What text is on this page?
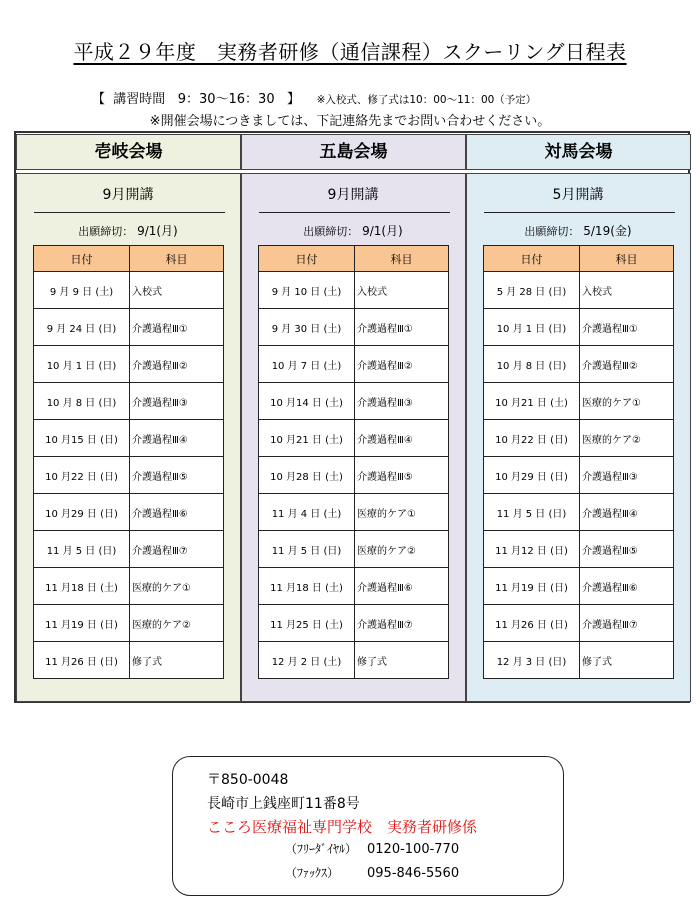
平成２９年度　実務者研修（通信課程）スクーリング日程表
【 講習時間 9：30〜16：30 】 ※入校式、修了式は10：00〜11：00（予定）
※開催会場につきましては、下記連絡先までお問い合わせください。
壱岐会場
9月開講
出願締切： 9/1(月)
日付	科目
9 月 9 日 (土)	入校式
9 月 24 日 (日)	介護過程Ⅲ①
10 月 1 日 (日)	介護過程Ⅲ②
10 月 8 日 (日)	介護過程Ⅲ③
10 月15 日 (日)	介護過程Ⅲ④
10 月22 日 (日)	介護過程Ⅲ⑤
10 月29 日 (日)	介護過程Ⅲ⑥
11 月 5 日 (日)	介護過程Ⅲ⑦
11 月18 日 (土)	医療的ケア①
11 月19 日 (日)	医療的ケア②
11 月26 日 (日)	修了式
五島会場
9月開講
出願締切： 9/1(月)
日付	科目
9 月 10 日 (土)	入校式
9 月 30 日 (土)	介護過程Ⅲ①
10 月 7 日 (土)	介護過程Ⅲ②
10 月14 日 (土)	介護過程Ⅲ③
10 月21 日 (土)	介護過程Ⅲ④
10 月28 日 (土)	介護過程Ⅲ⑤
11 月 4 日 (土)	医療的ケア①
11 月 5 日 (日)	医療的ケア②
11 月18 日 (土)	介護過程Ⅲ⑥
11 月25 日 (土)	介護過程Ⅲ⑦
12 月 2 日 (土)	修了式
対馬会場
5月開講
出願締切： 5/19(金)
日付	科目
5 月 28 日 (日)	入校式
10 月 1 日 (日)	介護過程Ⅲ①
10 月 8 日 (日)	介護過程Ⅲ②
10 月21 日 (土)	医療的ケア①
10 月22 日 (日)	医療的ケア②
10 月29 日 (日)	介護過程Ⅲ③
11 月 5 日 (日)	介護過程Ⅲ④
11 月12 日 (日)	介護過程Ⅲ⑤
11 月19 日 (日)	介護過程Ⅲ⑥
11 月26 日 (日)	介護過程Ⅲ⑦
12 月 3 日 (日)	修了式
〒850-0048
長崎市上銭座町11番8号
こころ医療福祉専門学校　実務者研修係
（ﾌﾘｰﾀﾞｲﾔﾙ） 0120-100-770
（ﾌｧｯｸｽ） 095-846-5560
